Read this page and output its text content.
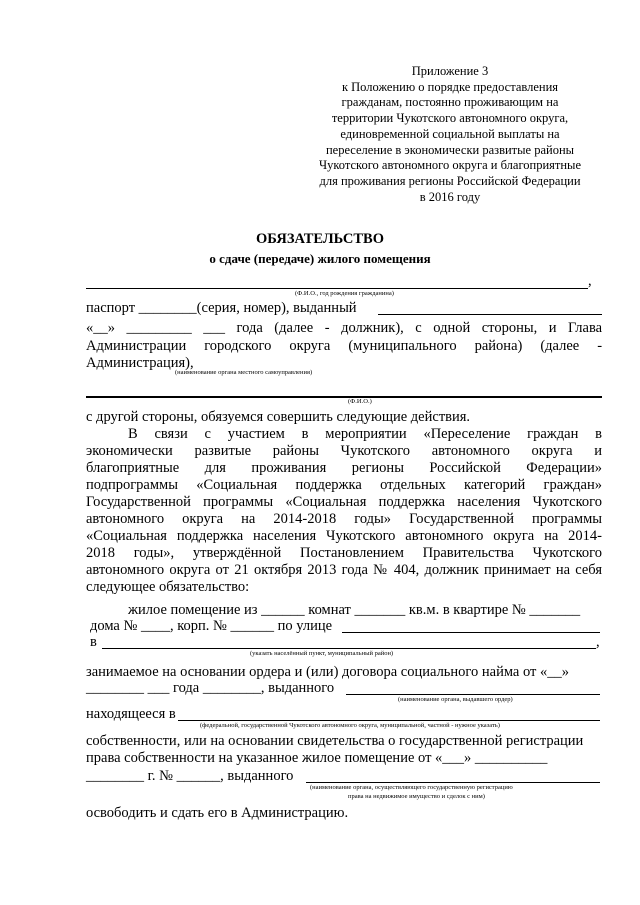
Приложение 3
к Положению о порядке предоставления
гражданам, постоянно проживающим на
территории Чукотского автономного округа,
единовременной социальной выплаты на
переселение в экономически развитые районы
Чукотского автономного округа и благоприятные
для проживания регионы Российской Федерации
в 2016 году
ОБЯЗАТЕЛЬСТВО
о сдаче (передаче) жилого помещения
,
(Ф.И.О., год рождения гражданина)
паспорт ________(серия, номер), выданный
«__» _________ ___ года (далее - должник), с одной стороны, и Глава
Администрации городского округа (муниципального района) (далее -
Администрация),
(наименование органа местного самоуправления)
(Ф.И.О.)
с другой стороны, обязуемся совершить следующие действия.
В связи с участием в мероприятии «Переселение граждан в
экономически развитые районы Чукотского автономного округа и
благоприятные для проживания регионы Российской Федерации»
подпрограммы «Социальная поддержка отдельных категорий граждан»
Государственной программы «Социальная поддержка населения Чукотского
автономного округа на 2014-2018 годы» Государственной программы
«Социальная поддержка населения Чукотского автономного округа на 2014-
2018 годы», утверждённой Постановлением Правительства Чукотского
автономного округа от 21 октября 2013 года № 404, должник принимает на себя
следующее обязательство:
жилое помещение из ______ комнат _______ кв.м. в квартире № _______
дома № ____, корп. № ______ по улице
в	,
(указать населённый пункт, муниципальный район)
занимаемое на основании ордера и (или) договора социального найма от «__»
________ ___ года ________, выданного
(наименование органа, выдавшего ордер)
находящееся в
(федеральной, государственной Чукотского автономного округа, муниципальной, частной - нужное указать)
собственности, или на основании свидетельства о государственной регистрации
права собственности на указанное жилое помещение от «___» __________
________ г. № ______, выданного
(наименование органа, осуществляющего государственную регистрацию
права на недвижимое имущество и сделок с ним)
освободить и сдать его в Администрацию.
